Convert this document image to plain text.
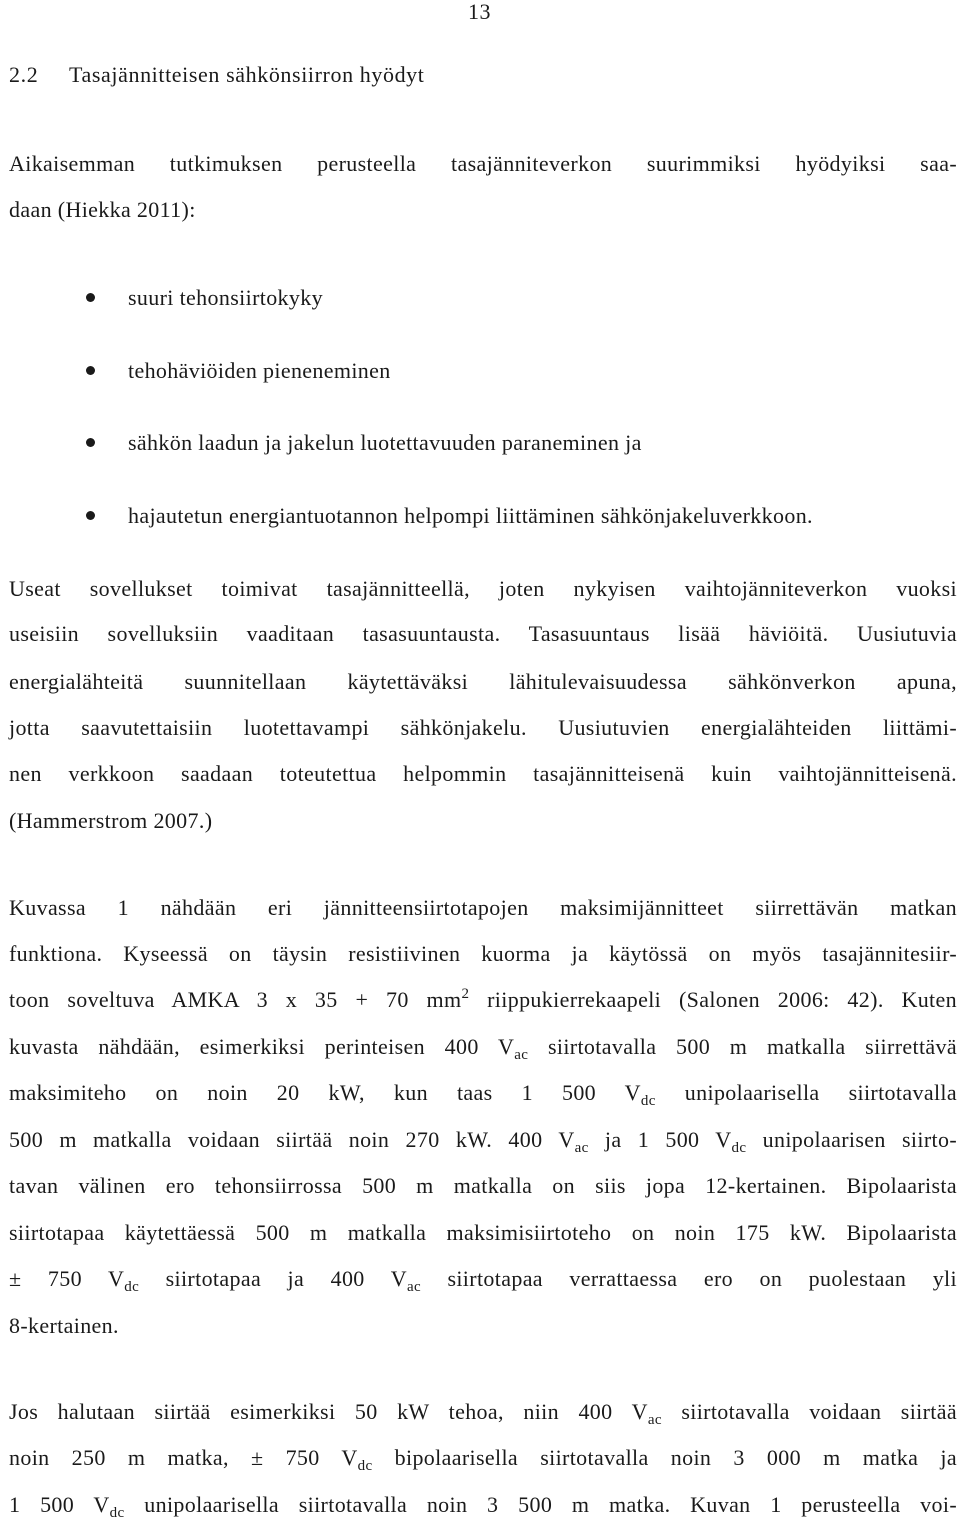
13
2.2 Tasajännitteisen sähkönsiirron hyödyt
Aikaisemman tutkimuksen perusteella tasajänniteverkon suurimmiksi hyödyiksi saa-
daan (Hiekka 2011):
suuri tehonsiirtokyky
tehohäviöiden pieneneminen
sähkön laadun ja jakelun luotettavuuden paraneminen ja
hajautetun energiantuotannon helpompi liittäminen sähkönjakeluverkkoon.
Useat sovellukset toimivat tasajännitteellä, joten nykyisen vaihtojänniteverkon vuoksi
useisiin sovelluksiin vaaditaan tasasuuntausta. Tasasuuntaus lisää häviöitä. Uusiutuvia
energialähteitä suunnitellaan käytettäväksi lähitulevaisuudessa sähkönverkon apuna,
jotta saavutettaisiin luotettavampi sähkönjakelu. Uusiutuvien energialähteiden liittämi-
nen verkkoon saadaan toteutettua helpommin tasajännitteisenä kuin vaihtojännitteisenä.
(Hammerstrom 2007.)
Kuvassa 1 nähdään eri jännitteensiirtotapojen maksimijännitteet siirrettävän matkan
funktiona. Kyseessä on täysin resistiivinen kuorma ja käytössä on myös tasajännitesiir-
toon soveltuva AMKA 3 x 35 + 70 $mm^2$ riippukierrekaapeli (Salonen 2006: 42). Kuten
kuvasta nähdään, esimerkiksi perinteisen 400 $V_{ac}$ siirtotavalla 500 m matkalla siirrettävä
maksimiteho on noin 20 kW, kun taas 1 500 $V_{dc}$ unipolaarisella siirtotavalla
500 m matkalla voidaan siirtää noin 270 kW. 400 $V_{ac}$ ja 1 500 $V_{dc}$ unipolaarisen siirto-
tavan välinen ero tehonsiirrossa 500 m matkalla on siis jopa 12-kertainen. Bipolaarista
siirtotapaa käytettäessä 500 m matkalla maksimisiirtoteho on noin 175 kW. Bipolaarista
± 750 $V_{dc}$ siirtotapaa ja 400 $V_{ac}$ siirtotapaa verrattaessa ero on puolestaan yli
8-kertainen.
Jos halutaan siirtää esimerkiksi 50 kW tehoa, niin 400 $V_{ac}$ siirtotavalla voidaan siirtää
noin 250 m matka, ± 750 $V_{dc}$ bipolaarisella siirtotavalla noin 3 000 m matka ja
1 500 $V_{dc}$ unipolaarisella siirtotavalla noin 3 500 m matka. Kuvan 1 perusteella voi-
